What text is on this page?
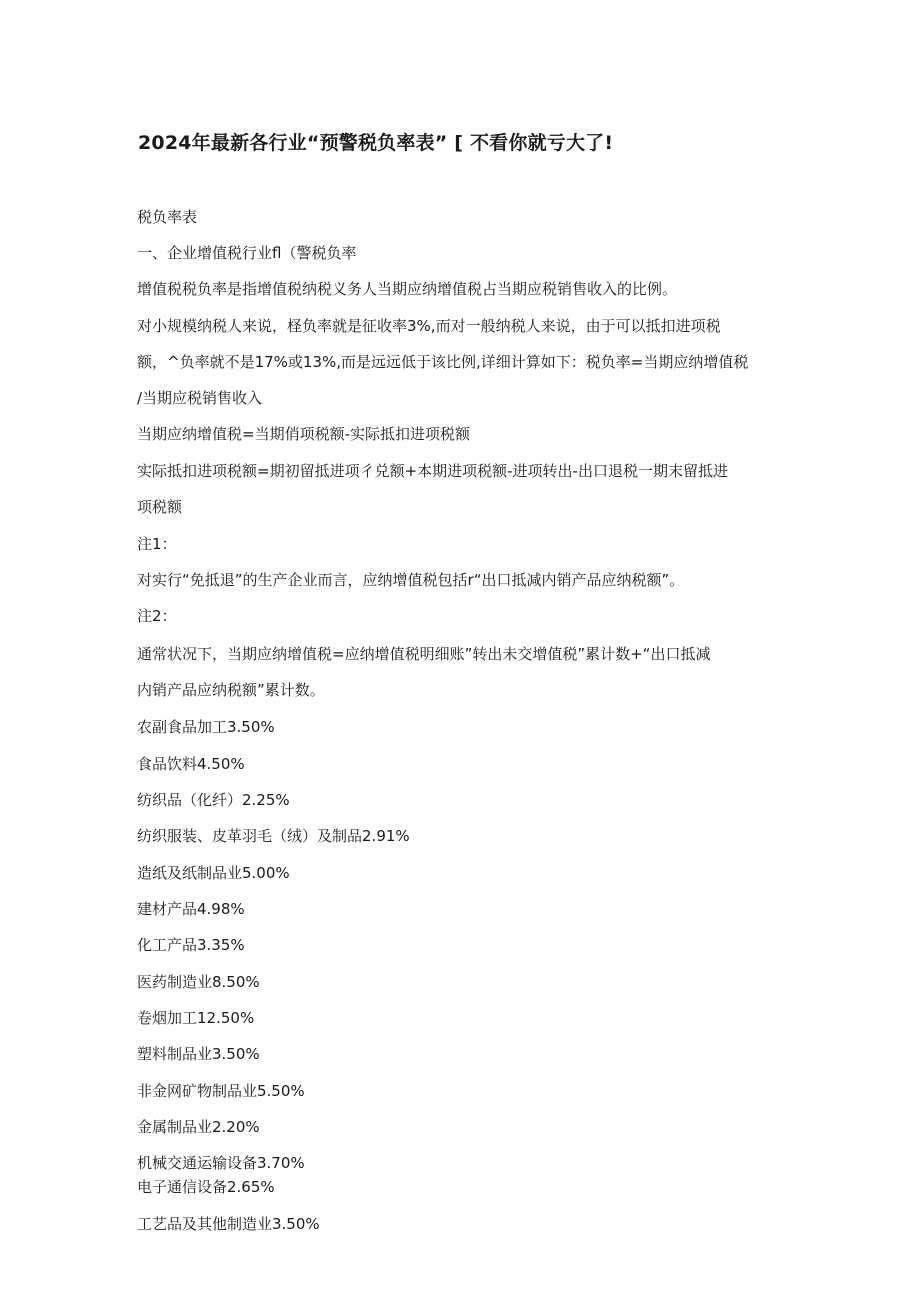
2024年最新各行业“预警税负率表” [ 不看你就亏大了!
税负率表
一、企业增值税行业fl（警税负率
增值税税负率是指增值税纳税义务人当期应纳增值税占当期应税销售收入的比例。
对小规模纳税人来说，柽负率就是征收率3%,而对一般纳税人来说，由于可以抵扣进项税
额，^负率就不是17%或13%,而是远远低于该比例,详细计算如下：税负率=当期应纳增值税
/当期应税销售收入
当期应纳增值税=当期俏项税额-实际抵扣进项税额
实际抵扣进项税额=期初留抵进项彳兑额+本期进项税额-进项转出-出口退税一期末留抵进
项税额
注1：
对实行“免抵退”的生产企业而言，应纳增值税包括r“出口抵减内销产品应纳税额”。
注2：
通常状况下，当期应纳增值税=应纳增值税明细账”转出未交增值税”累计数+“出口抵减
内销产品应纳税额”累计数。
农副食品加工3.50%
食品饮料4.50%
纺织品（化纤）2.25%
纺织服装、皮革羽毛（绒）及制品2.91%
造纸及纸制品业5.00%
建材产品4.98%
化工产品3.35%
医药制造业8.50%
卷烟加工12.50%
塑料制品业3.50%
非金网矿物制品业5.50%
金属制品业2.20%
机械交通运输设备3.70%
电子通信设备2.65%
工艺品及其他制造业3.50%
